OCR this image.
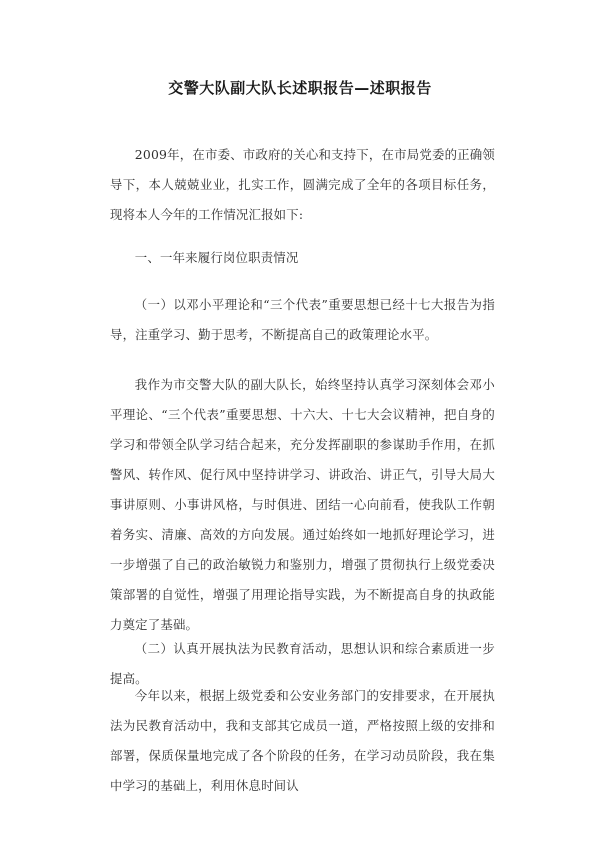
交警大队副大队长述职报告—述职报告
2009年，在市委、市政府的关心和支持下，在市局党委的正确领导下，本人兢兢业业，扎实工作，圆满完成了全年的各项目标任务，现将本人今年的工作情况汇报如下:
一、一年来履行岗位职责情况
（一）以邓小平理论和“三个代表”重要思想已经十七大报告为指导，注重学习、勤于思考，不断提高自己的政策理论水平。
我作为市交警大队的副大队长，始终坚持认真学习深刻体会邓小平理论、“三个代表”重要思想、十六大、十七大会议精神，把自身的学习和带领全队学习结合起来，充分发挥副职的参谋助手作用，在抓警风、转作风、促行风中坚持讲学习、讲政治、讲正气，引导大局大事讲原则、小事讲风格，与时俱进、团结一心向前看，使我队工作朝着务实、清廉、高效的方向发展。通过始终如一地抓好理论学习，进一步增强了自己的政治敏锐力和鉴别力，增强了贯彻执行上级党委决策部署的自觉性，增强了用理论指导实践，为不断提高自身的执政能力奠定了基础。
（二）认真开展执法为民教育活动，思想认识和综合素质进一步提高。
今年以来，根据上级党委和公安业务部门的安排要求，在开展执法为民教育活动中，我和支部其它成员一道，严格按照上级的安排和部署，保质保量地完成了各个阶段的任务，在学习动员阶段，我在集中学习的基础上，利用休息时间认
